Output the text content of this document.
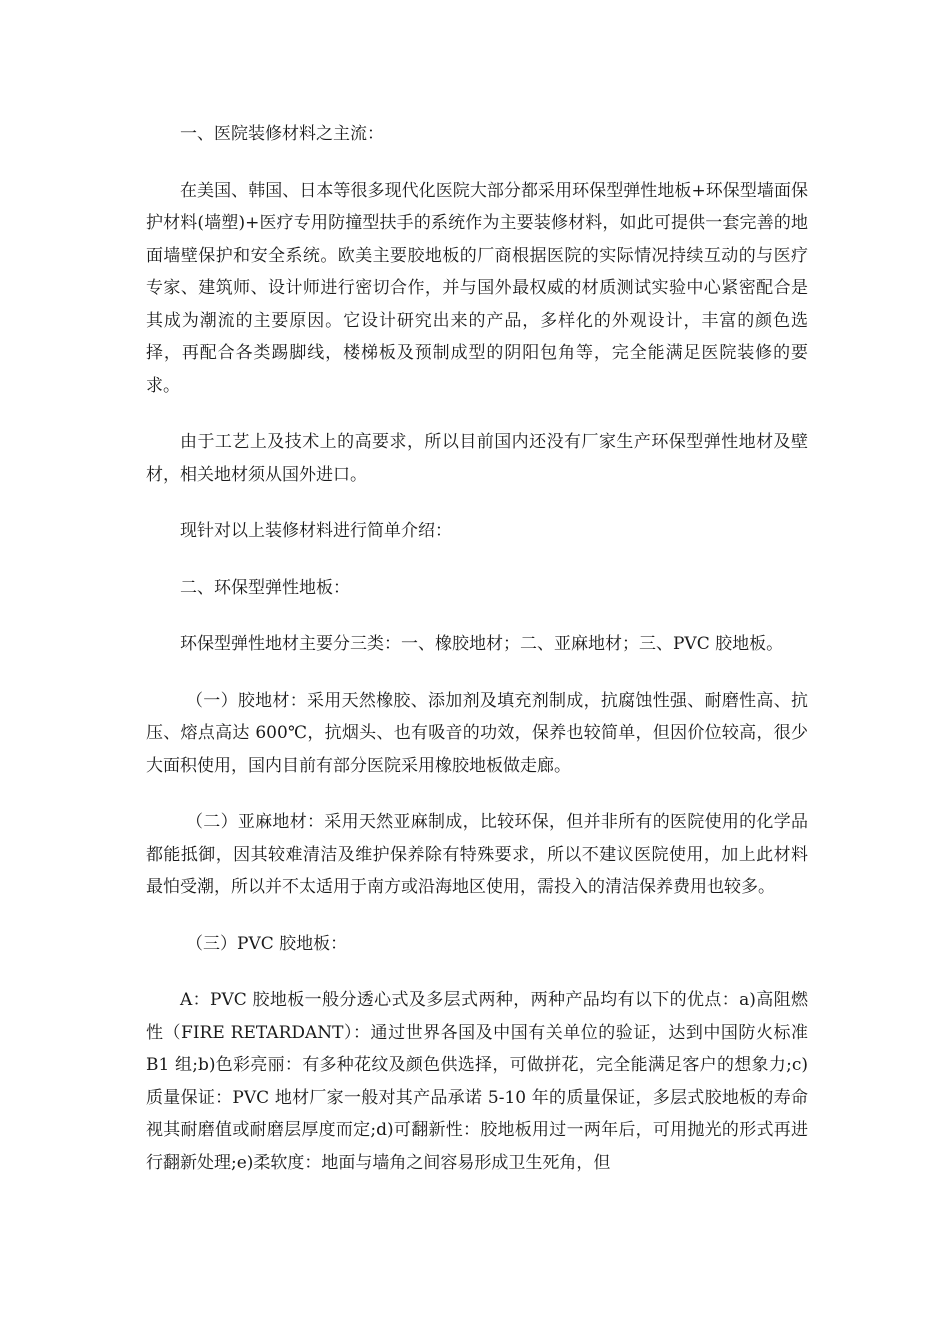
一、医院装修材料之主流：

在美国、韩国、日本等很多现代化医院大部分都采用环保型弹性地板+环保型墙面保护材料(墙塑)+医疗专用防撞型扶手的系统作为主要装修材料，如此可提供一套完善的地面墙壁保护和安全系统。欧美主要胶地板的厂商根据医院的实际情况持续互动的与医疗专家、建筑师、设计师进行密切合作，并与国外最权威的材质测试实验中心紧密配合是其成为潮流的主要原因。它设计研究出来的产品，多样化的外观设计，丰富的颜色选择，再配合各类踢脚线，楼梯板及预制成型的阴阳包角等，完全能满足医院装修的要求。

由于工艺上及技术上的高要求，所以目前国内还没有厂家生产环保型弹性地材及壁材，相关地材须从国外进口。

现针对以上装修材料进行简单介绍：

二、环保型弹性地板：

环保型弹性地材主要分三类：一、橡胶地材；二、亚麻地材；三、PVC 胶地板。

（一）胶地材：采用天然橡胶、添加剂及填充剂制成，抗腐蚀性强、耐磨性高、抗压、熔点高达 600℃，抗烟头、也有吸音的功效，保养也较简单，但因价位较高，很少大面积使用，国内目前有部分医院采用橡胶地板做走廊。

（二）亚麻地材：采用天然亚麻制成，比较环保，但并非所有的医院使用的化学品都能抵御，因其较难清洁及维护保养除有特殊要求，所以不建议医院使用，加上此材料最怕受潮，所以并不太适用于南方或沿海地区使用，需投入的清洁保养费用也较多。

（三）PVC 胶地板：

A：PVC 胶地板一般分透心式及多层式两种，两种产品均有以下的优点：a)高阻燃性（FIRE RETARDANT）：通过世界各国及中国有关单位的验证，达到中国防火标准 B1 组;b)色彩亮丽：有多种花纹及颜色供选择，可做拼花，完全能满足客户的想象力;c)质量保证：PVC 地材厂家一般对其产品承诺 5-10 年的质量保证，多层式胶地板的寿命视其耐磨值或耐磨层厚度而定;d)可翻新性：胶地板用过一两年后，可用抛光的形式再进行翻新处理;e)柔软度：地面与墙角之间容易形成卫生死角，但
